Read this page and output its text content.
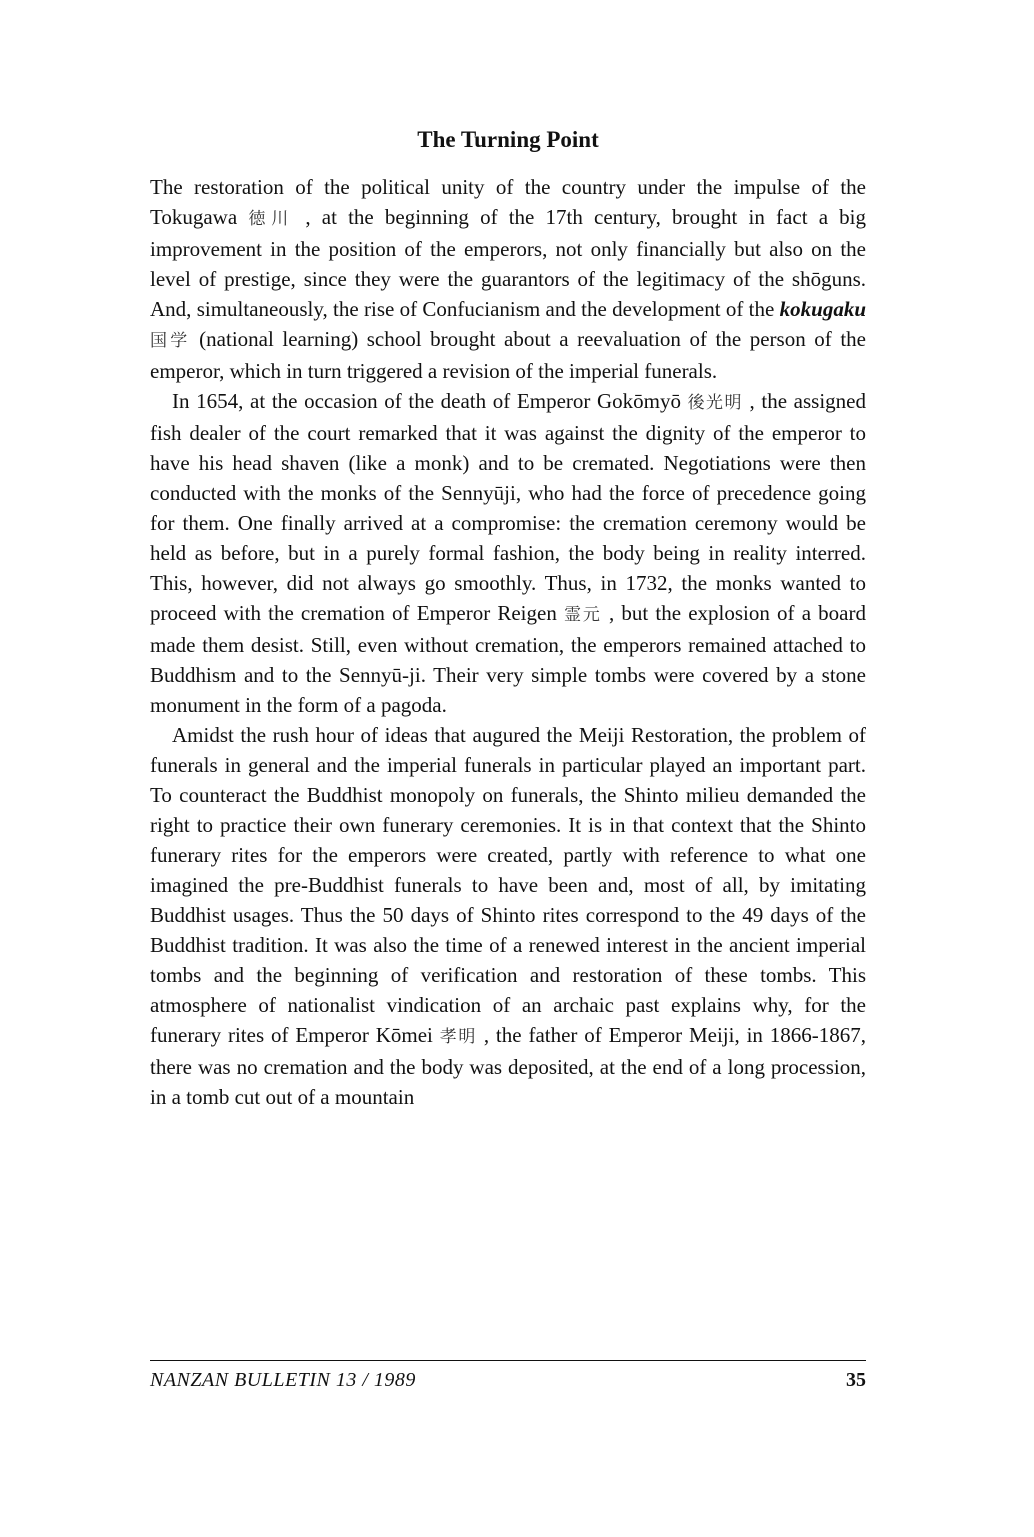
The Turning Point

The restoration of the political unity of the country under the impulse of the Tokugawa 徳川 , at the beginning of the 17th century, brought in fact a big improvement in the position of the emperors, not only financially but also on the level of prestige, since they were the guarantors of the legitimacy of the shōguns. And, simultaneously, the rise of Confucianism and the development of the kokugaku 国学 (national learning) school brought about a reevaluation of the person of the emperor, which in turn triggered a revision of the imperial funerals.

In 1654, at the occasion of the death of Emperor Gokōmyō 後光明 , the assigned fish dealer of the court remarked that it was against the dignity of the emperor to have his head shaven (like a monk) and to be cremated. Negotiations were then conducted with the monks of the Sennyūji, who had the force of precedence going for them. One finally arrived at a compromise: the cremation ceremony would be held as before, but in a purely formal fashion, the body being in reality interred. This, however, did not always go smoothly. Thus, in 1732, the monks wanted to proceed with the cremation of Emperor Reigen 霊元 , but the explosion of a board made them desist. Still, even without cremation, the emperors remained attached to Buddhism and to the Sennyū-ji. Their very simple tombs were covered by a stone monument in the form of a pagoda.

Amidst the rush hour of ideas that augured the Meiji Restoration, the problem of funerals in general and the imperial funerals in particular played an important part. To counteract the Buddhist monopoly on funerals, the Shinto milieu demanded the right to practice their own funerary ceremonies. It is in that context that the Shinto funerary rites for the emperors were created, partly with reference to what one imagined the pre-Buddhist funerals to have been and, most of all, by imitating Buddhist usages. Thus the 50 days of Shinto rites correspond to the 49 days of the Buddhist tradition. It was also the time of a renewed interest in the ancient imperial tombs and the beginning of verification and restoration of these tombs. This atmosphere of nationalist vindication of an archaic past explains why, for the funerary rites of Emperor Kōmei 孝明 , the father of Emperor Meiji, in 1866-1867, there was no cremation and the body was deposited, at the end of a long procession, in a tomb cut out of a mountain

NANZAN BULLETIN 13 / 1989	35
